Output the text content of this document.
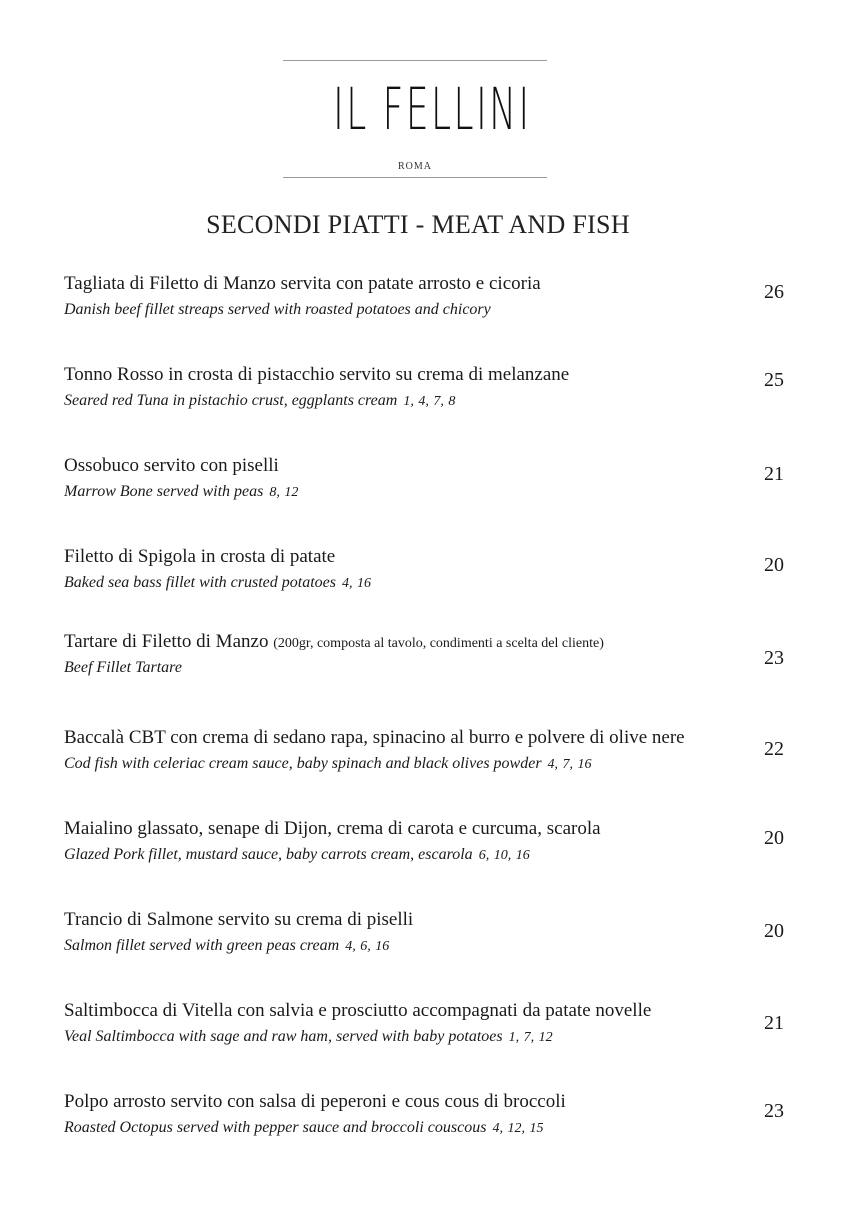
IL FELLINI
ROMA
SECONDI PIATTI - MEAT AND FISH
Tagliata di Filetto di Manzo servita con patate arrosto e cicoria
Danish beef fillet streaps served with roasted potatoes and chicory
26
Tonno Rosso in crosta di pistacchio servito su crema di melanzane
Seared red Tuna in pistachio crust, eggplants cream 1, 4, 7, 8
25
Ossobuco servito con piselli
Marrow Bone served with peas 8, 12
21
Filetto di Spigola in crosta di patate
Baked sea bass fillet with crusted potatoes 4, 16
20
Tartare di Filetto di Manzo (200gr, composta al tavolo, condimenti a scelta del cliente)
Beef Fillet Tartare	23
Baccalà CBT con crema di sedano rapa, spinacino al burro e polvere di olive nere
Cod fish with celeriac cream sauce, baby spinach and black olives powder 4, 7, 16
22
Maialino glassato, senape di Dijon, crema di carota e curcuma, scarola
Glazed Pork fillet, mustard sauce, baby carrots cream, escarola 6, 10, 16
20
Trancio di Salmone servito su crema di piselli
Salmon fillet served with green peas cream 4, 6, 16
20
Saltimbocca di Vitella con salvia e prosciutto accompagnati da patate novelle
Veal Saltimbocca with sage and raw ham, served with baby potatoes 1, 7, 12
21
Polpo arrosto servito con salsa di peperoni e cous cous di broccoli
Roasted Octopus served with pepper sauce and broccoli couscous 4, 12, 15
23
